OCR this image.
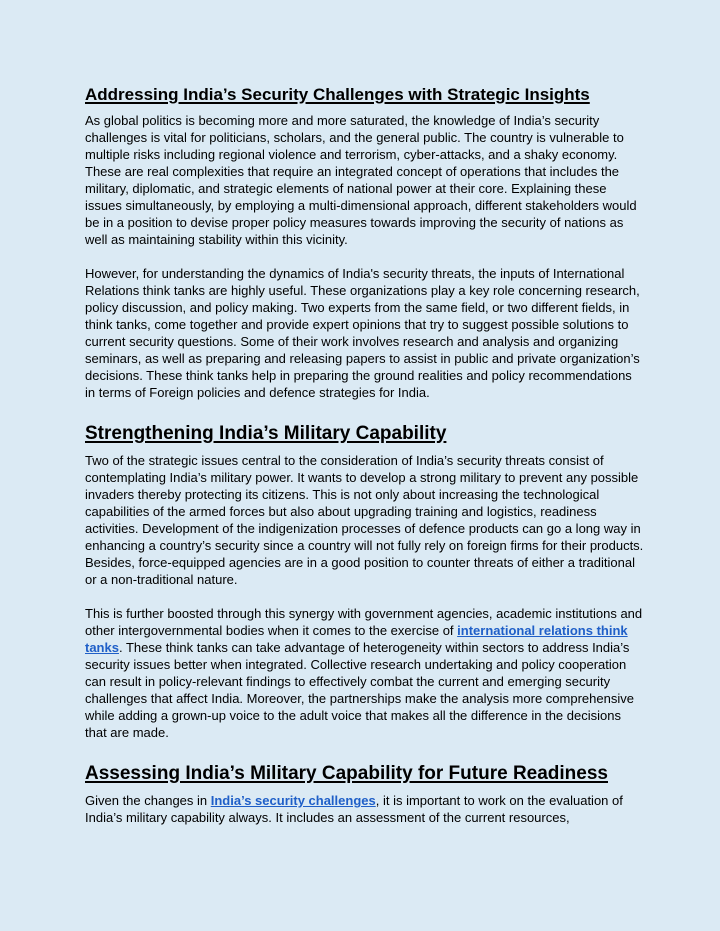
Addressing India’s Security Challenges with Strategic Insights

As global politics is becoming more and more saturated, the knowledge of India’s security challenges is vital for politicians, scholars, and the general public. The country is vulnerable to multiple risks including regional violence and terrorism, cyber-attacks, and a shaky economy. These are real complexities that require an integrated concept of operations that includes the military, diplomatic, and strategic elements of national power at their core. Explaining these issues simultaneously, by employing a multi-dimensional approach, different stakeholders would be in a position to devise proper policy measures towards improving the security of nations as well as maintaining stability within this vicinity.

However, for understanding the dynamics of India's security threats, the inputs of International Relations think tanks are highly useful. These organizations play a key role concerning research, policy discussion, and policy making. Two experts from the same field, or two different fields, in think tanks, come together and provide expert opinions that try to suggest possible solutions to current security questions. Some of their work involves research and analysis and organizing seminars, as well as preparing and releasing papers to assist in public and private organization’s decisions. These think tanks help in preparing the ground realities and policy recommendations in terms of Foreign policies and defence strategies for India.

Strengthening India’s Military Capability

Two of the strategic issues central to the consideration of India’s security threats consist of contemplating India’s military power. It wants to develop a strong military to prevent any possible invaders thereby protecting its citizens. This is not only about increasing the technological capabilities of the armed forces but also about upgrading training and logistics, readiness activities. Development of the indigenization processes of defence products can go a long way in enhancing a country’s security since a country will not fully rely on foreign firms for their products. Besides, force-equipped agencies are in a good position to counter threats of either a traditional or a non-traditional nature.

This is further boosted through this synergy with government agencies, academic institutions and other intergovernmental bodies when it comes to the exercise of international relations think tanks. These think tanks can take advantage of heterogeneity within sectors to address India’s security issues better when integrated. Collective research undertaking and policy cooperation can result in policy-relevant findings to effectively combat the current and emerging security challenges that affect India. Moreover, the partnerships make the analysis more comprehensive while adding a grown-up voice to the adult voice that makes all the difference in the decisions that are made.

Assessing India’s Military Capability for Future Readiness

Given the changes in India’s security challenges, it is important to work on the evaluation of India’s military capability always. It includes an assessment of the current resources,
